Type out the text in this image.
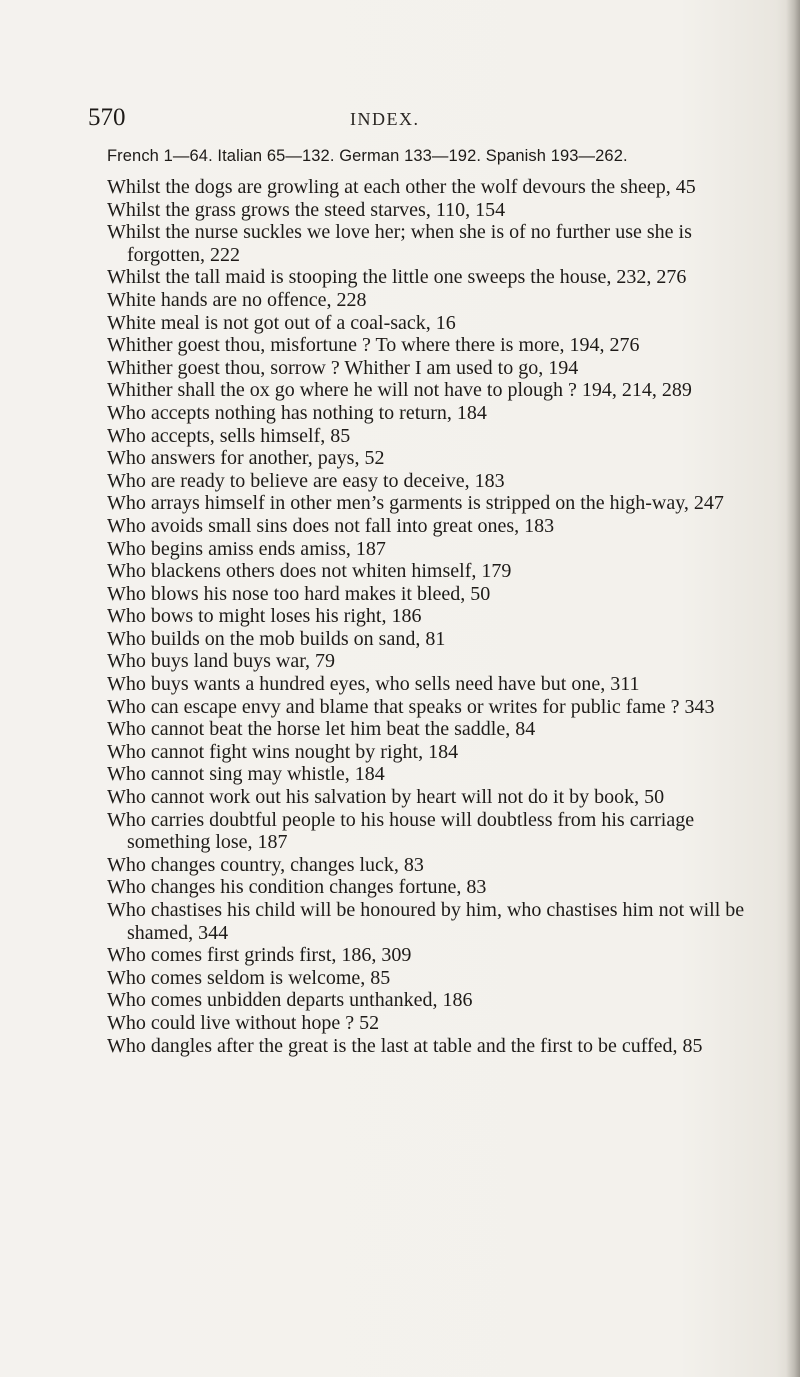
570	INDEX.
French 1—64. Italian 65—132. German 133—192. Spanish 193—262.
Whilst the dogs are growling at each other the wolf devours the sheep, 45
Whilst the grass grows the steed starves, 110, 154
Whilst the nurse suckles we love her; when she is of no further use she is forgotten, 222
Whilst the tall maid is stooping the little one sweeps the house, 232, 276
White hands are no offence, 228
White meal is not got out of a coal-sack, 16
Whither goest thou, misfortune ? To where there is more, 194, 276
Whither goest thou, sorrow ? Whither I am used to go, 194
Whither shall the ox go where he will not have to plough ? 194, 214, 289
Who accepts nothing has nothing to return, 184
Who accepts, sells himself, 85
Who answers for another, pays, 52
Who are ready to believe are easy to deceive, 183
Who arrays himself in other men’s garments is stripped on the high-way, 247
Who avoids small sins does not fall into great ones, 183
Who begins amiss ends amiss, 187
Who blackens others does not whiten himself, 179
Who blows his nose too hard makes it bleed, 50
Who bows to might loses his right, 186
Who builds on the mob builds on sand, 81
Who buys land buys war, 79
Who buys wants a hundred eyes, who sells need have but one, 311
Who can escape envy and blame that speaks or writes for public fame ? 343
Who cannot beat the horse let him beat the saddle, 84
Who cannot fight wins nought by right, 184
Who cannot sing may whistle, 184
Who cannot work out his salvation by heart will not do it by book, 50
Who carries doubtful people to his house will doubtless from his carriage something lose, 187
Who changes country, changes luck, 83
Who changes his condition changes fortune, 83
Who chastises his child will be honoured by him, who chastises him not will be shamed, 344
Who comes first grinds first, 186, 309
Who comes seldom is welcome, 85
Who comes unbidden departs unthanked, 186
Who could live without hope ? 52
Who dangles after the great is the last at table and the first to be cuffed, 85
